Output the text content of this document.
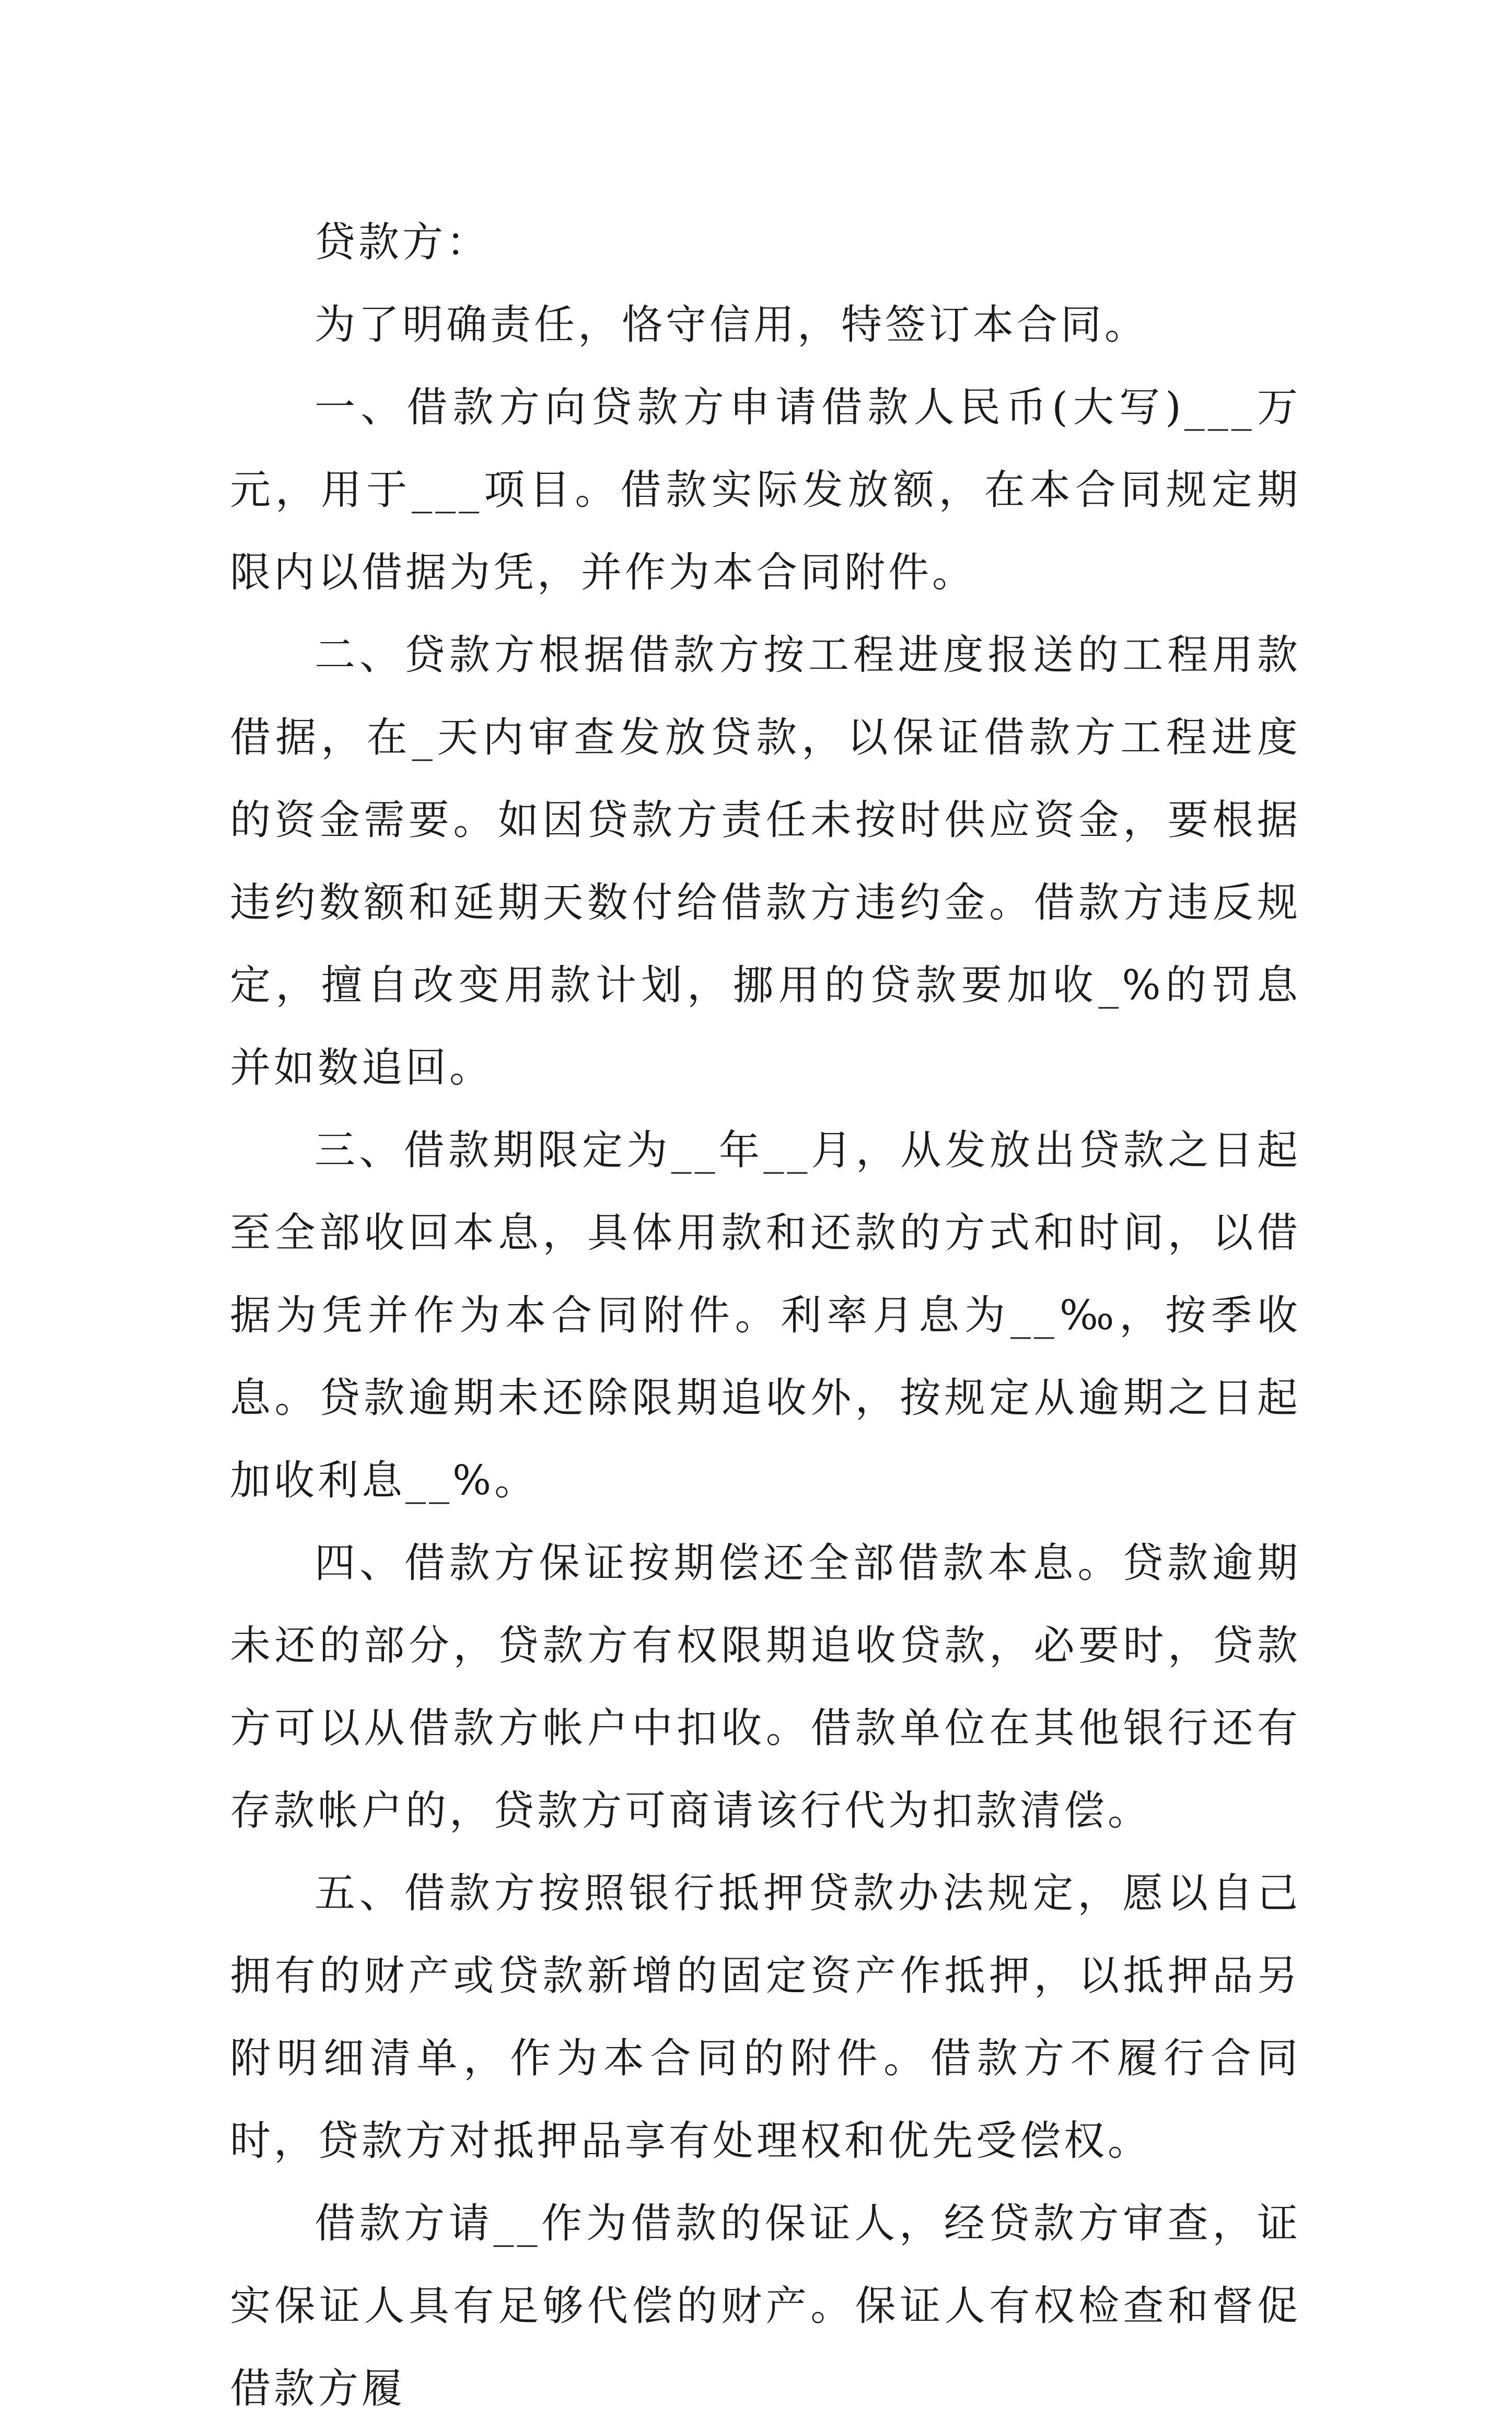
贷款方：

为了明确责任，恪守信用，特签订本合同。

一、借款方向贷款方申请借款人民币(大写)___万元，用于___项目。借款实际发放额，在本合同规定期限内以借据为凭，并作为本合同附件。

二、贷款方根据借款方按工程进度报送的工程用款借据，在_天内审查发放贷款，以保证借款方工程进度的资金需要。如因贷款方责任未按时供应资金，要根据违约数额和延期天数付给借款方违约金。借款方违反规定，擅自改变用款计划，挪用的贷款要加收_%的罚息并如数追回。

三、借款期限定为__年__月，从发放出贷款之日起至全部收回本息，具体用款和还款的方式和时间，以借据为凭并作为本合同附件。利率月息为__‰，按季收息。贷款逾期未还除限期追收外，按规定从逾期之日起加收利息__%。

四、借款方保证按期偿还全部借款本息。贷款逾期未还的部分，贷款方有权限期追收贷款，必要时，贷款方可以从借款方帐户中扣收。借款单位在其他银行还有存款帐户的，贷款方可商请该行代为扣款清偿。

五、借款方按照银行抵押贷款办法规定，愿以自己拥有的财产或贷款新增的固定资产作抵押，以抵押品另附明细清单，作为本合同的附件。借款方不履行合同时，贷款方对抵押品享有处理权和优先受偿权。

借款方请__作为借款的保证人，经贷款方审查，证实保证人具有足够代偿的财产。保证人有权检查和督促借款方履
